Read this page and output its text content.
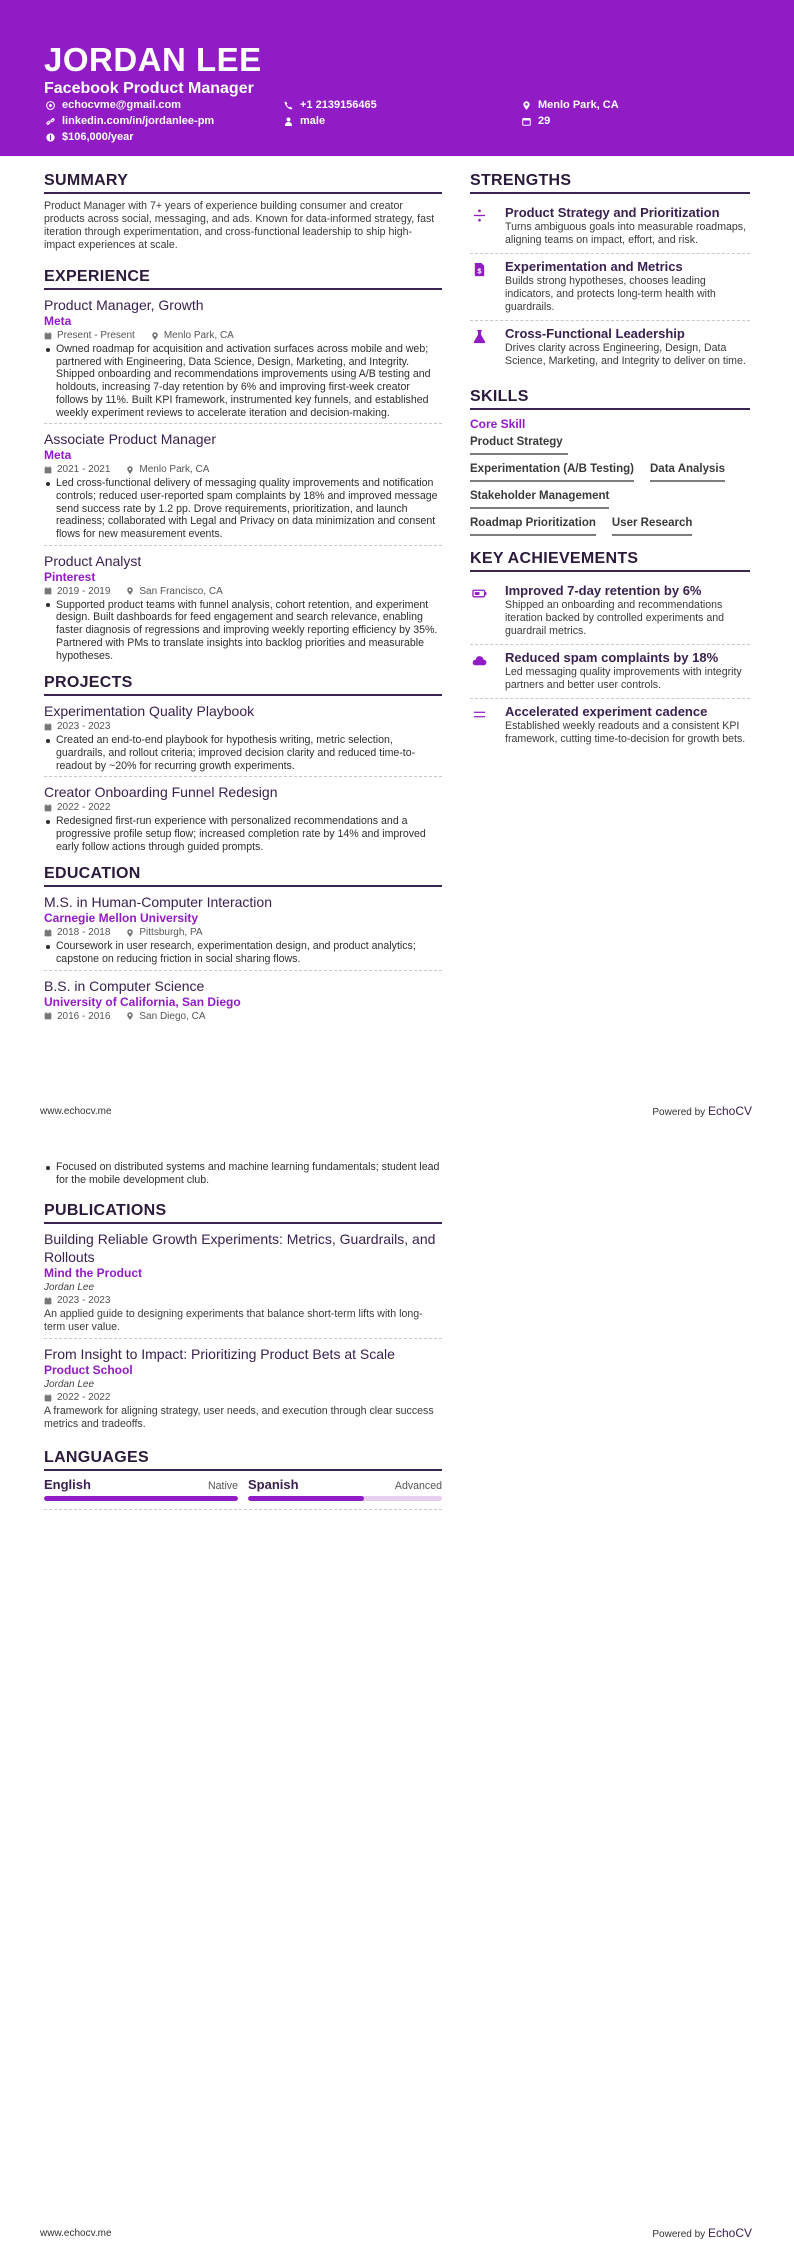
JORDAN LEE
Facebook Product Manager
echocvme@gmail.com	+1 2139156465	Menlo Park, CA
linkedin.com/in/jordanlee-pm	male	29
$106,000/year
SUMMARY
Product Manager with 7+ years of experience building consumer and creator products across social, messaging, and ads. Known for data-informed strategy, fast iteration through experimentation, and cross-functional leadership to ship high-impact experiences at scale.
EXPERIENCE
Product Manager, Growth
Meta
Present - Present	Menlo Park, CA
Owned roadmap for acquisition and activation surfaces across mobile and web; partnered with Engineering, Data Science, Design, Marketing, and Integrity. Shipped onboarding and recommendations improvements using A/B testing and holdouts, increasing 7-day retention by 6% and improving first-week creator follows by 11%. Built KPI framework, instrumented key funnels, and established weekly experiment reviews to accelerate iteration and decision-making.
Associate Product Manager
Meta
2021 - 2021	Menlo Park, CA
Led cross-functional delivery of messaging quality improvements and notification controls; reduced user-reported spam complaints by 18% and improved message send success rate by 1.2 pp. Drove requirements, prioritization, and launch readiness; collaborated with Legal and Privacy on data minimization and consent flows for new measurement events.
Product Analyst
Pinterest
2019 - 2019	San Francisco, CA
Supported product teams with funnel analysis, cohort retention, and experiment design. Built dashboards for feed engagement and search relevance, enabling faster diagnosis of regressions and improving weekly reporting efficiency by 35%. Partnered with PMs to translate insights into backlog priorities and measurable hypotheses.
PROJECTS
Experimentation Quality Playbook
2023 - 2023
Created an end-to-end playbook for hypothesis writing, metric selection, guardrails, and rollout criteria; improved decision clarity and reduced time-to-readout by ~20% for recurring growth experiments.
Creator Onboarding Funnel Redesign
2022 - 2022
Redesigned first-run experience with personalized recommendations and a progressive profile setup flow; increased completion rate by 14% and improved early follow actions through guided prompts.
EDUCATION
M.S. in Human-Computer Interaction
Carnegie Mellon University
2018 - 2018	Pittsburgh, PA
Coursework in user research, experimentation design, and product analytics; capstone on reducing friction in social sharing flows.
B.S. in Computer Science
University of California, San Diego
2016 - 2016	San Diego, CA
STRENGTHS
Product Strategy and Prioritization
Turns ambiguous goals into measurable roadmaps, aligning teams on impact, effort, and risk.
$ Experimentation and Metrics
Builds strong hypotheses, chooses leading indicators, and protects long-term health with guardrails.
Cross-Functional Leadership
Drives clarity across Engineering, Design, Data Science, Marketing, and Integrity to deliver on time.
SKILLS
Core Skill
Product Strategy
Experimentation (A/B Testing) Data Analysis
Stakeholder Management
Roadmap Prioritization User Research
KEY ACHIEVEMENTS
Improved 7-day retention by 6%
Shipped an onboarding and recommendations iteration backed by controlled experiments and guardrail metrics.
Reduced spam complaints by 18%
Led messaging quality improvements with integrity partners and better user controls.
Accelerated experiment cadence
Established weekly readouts and a consistent KPI framework, cutting time-to-decision for growth bets.
www.echocv.me	Powered by EchoCV
Focused on distributed systems and machine learning fundamentals; student lead for the mobile development club.
PUBLICATIONS
Building Reliable Growth Experiments: Metrics, Guardrails, and Rollouts
Mind the Product
Jordan Lee
2023 - 2023
An applied guide to designing experiments that balance short-term lifts with long-term user value.
From Insight to Impact: Prioritizing Product Bets at Scale
Product School
Jordan Lee
2022 - 2022
A framework for aligning strategy, user needs, and execution through clear success metrics and tradeoffs.
LANGUAGES
English	Native Spanish	Advanced
www.echocv.me	Powered by EchoCV
